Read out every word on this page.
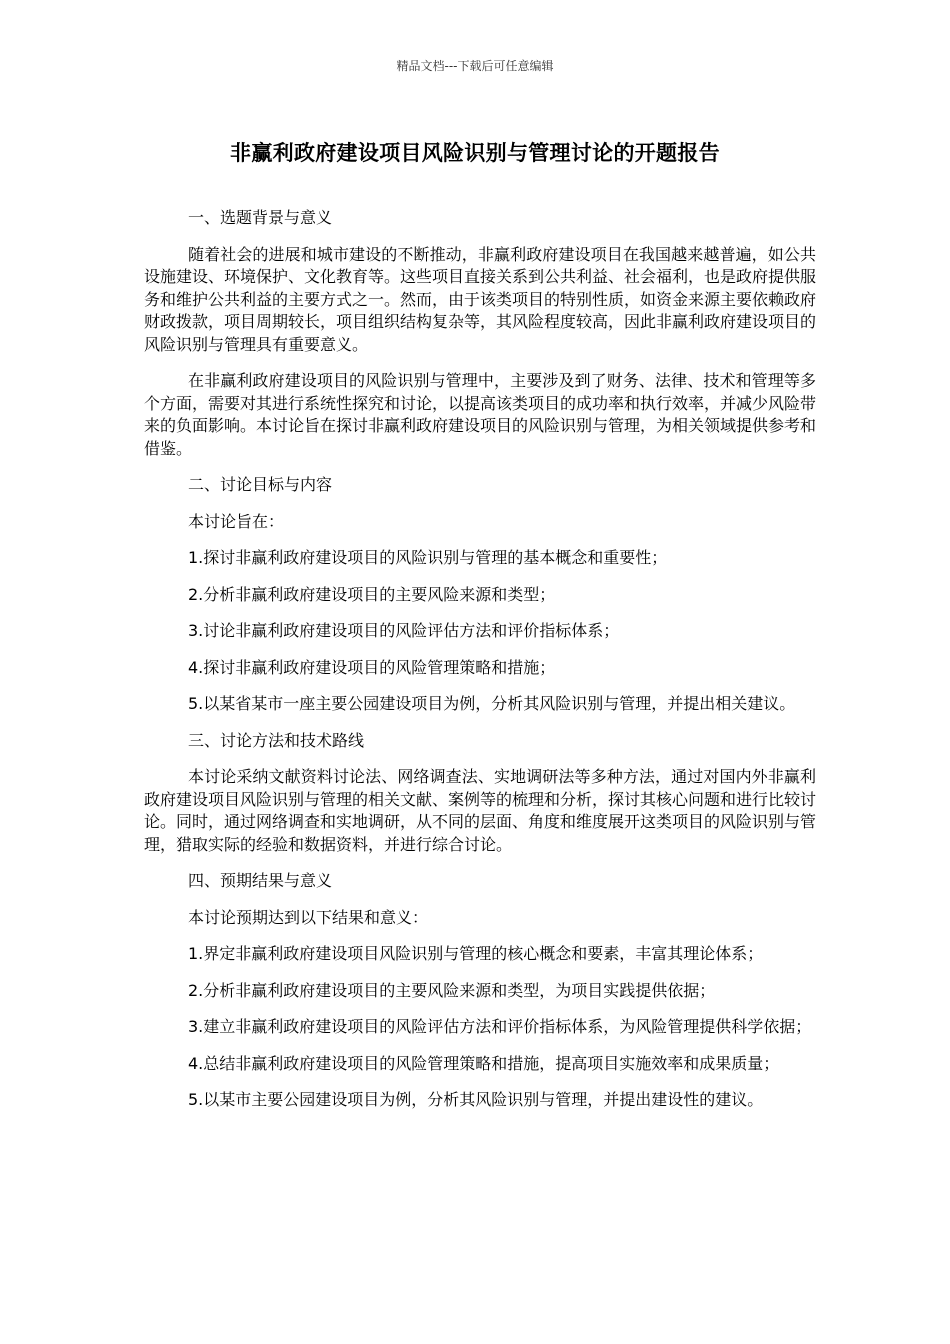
精品文档---下载后可任意编辑
非赢利政府建设项目风险识别与管理讨论的开题报告

一、选题背景与意义

随着社会的进展和城市建设的不断推动，非赢利政府建设项目在我国越来越普遍，如公共设施建设、环境保护、文化教育等。这些项目直接关系到公共利益、社会福利，也是政府提供服务和维护公共利益的主要方式之一。然而，由于该类项目的特别性质，如资金来源主要依赖政府财政拨款，项目周期较长，项目组织结构复杂等，其风险程度较高，因此非赢利政府建设项目的风险识别与管理具有重要意义。

在非赢利政府建设项目的风险识别与管理中，主要涉及到了财务、法律、技术和管理等多个方面，需要对其进行系统性探究和讨论，以提高该类项目的成功率和执行效率，并减少风险带来的负面影响。本讨论旨在探讨非赢利政府建设项目的风险识别与管理，为相关领域提供参考和借鉴。

二、讨论目标与内容

本讨论旨在：

1.探讨非赢利政府建设项目的风险识别与管理的基本概念和重要性；

2.分析非赢利政府建设项目的主要风险来源和类型；

3.讨论非赢利政府建设项目的风险评估方法和评价指标体系；

4.探讨非赢利政府建设项目的风险管理策略和措施；

5.以某省某市一座主要公园建设项目为例，分析其风险识别与管理，并提出相关建议。

三、讨论方法和技术路线

本讨论采纳文献资料讨论法、网络调查法、实地调研法等多种方法，通过对国内外非赢利政府建设项目风险识别与管理的相关文献、案例等的梳理和分析，探讨其核心问题和进行比较讨论。同时，通过网络调查和实地调研，从不同的层面、角度和维度展开这类项目的风险识别与管理，猎取实际的经验和数据资料，并进行综合讨论。

四、预期结果与意义

本讨论预期达到以下结果和意义：

1.界定非赢利政府建设项目风险识别与管理的核心概念和要素，丰富其理论体系；

2.分析非赢利政府建设项目的主要风险来源和类型，为项目实践提供依据；

3.建立非赢利政府建设项目的风险评估方法和评价指标体系，为风险管理提供科学依据；

4.总结非赢利政府建设项目的风险管理策略和措施，提高项目实施效率和成果质量；

5.以某市主要公园建设项目为例，分析其风险识别与管理，并提出建设性的建议。
